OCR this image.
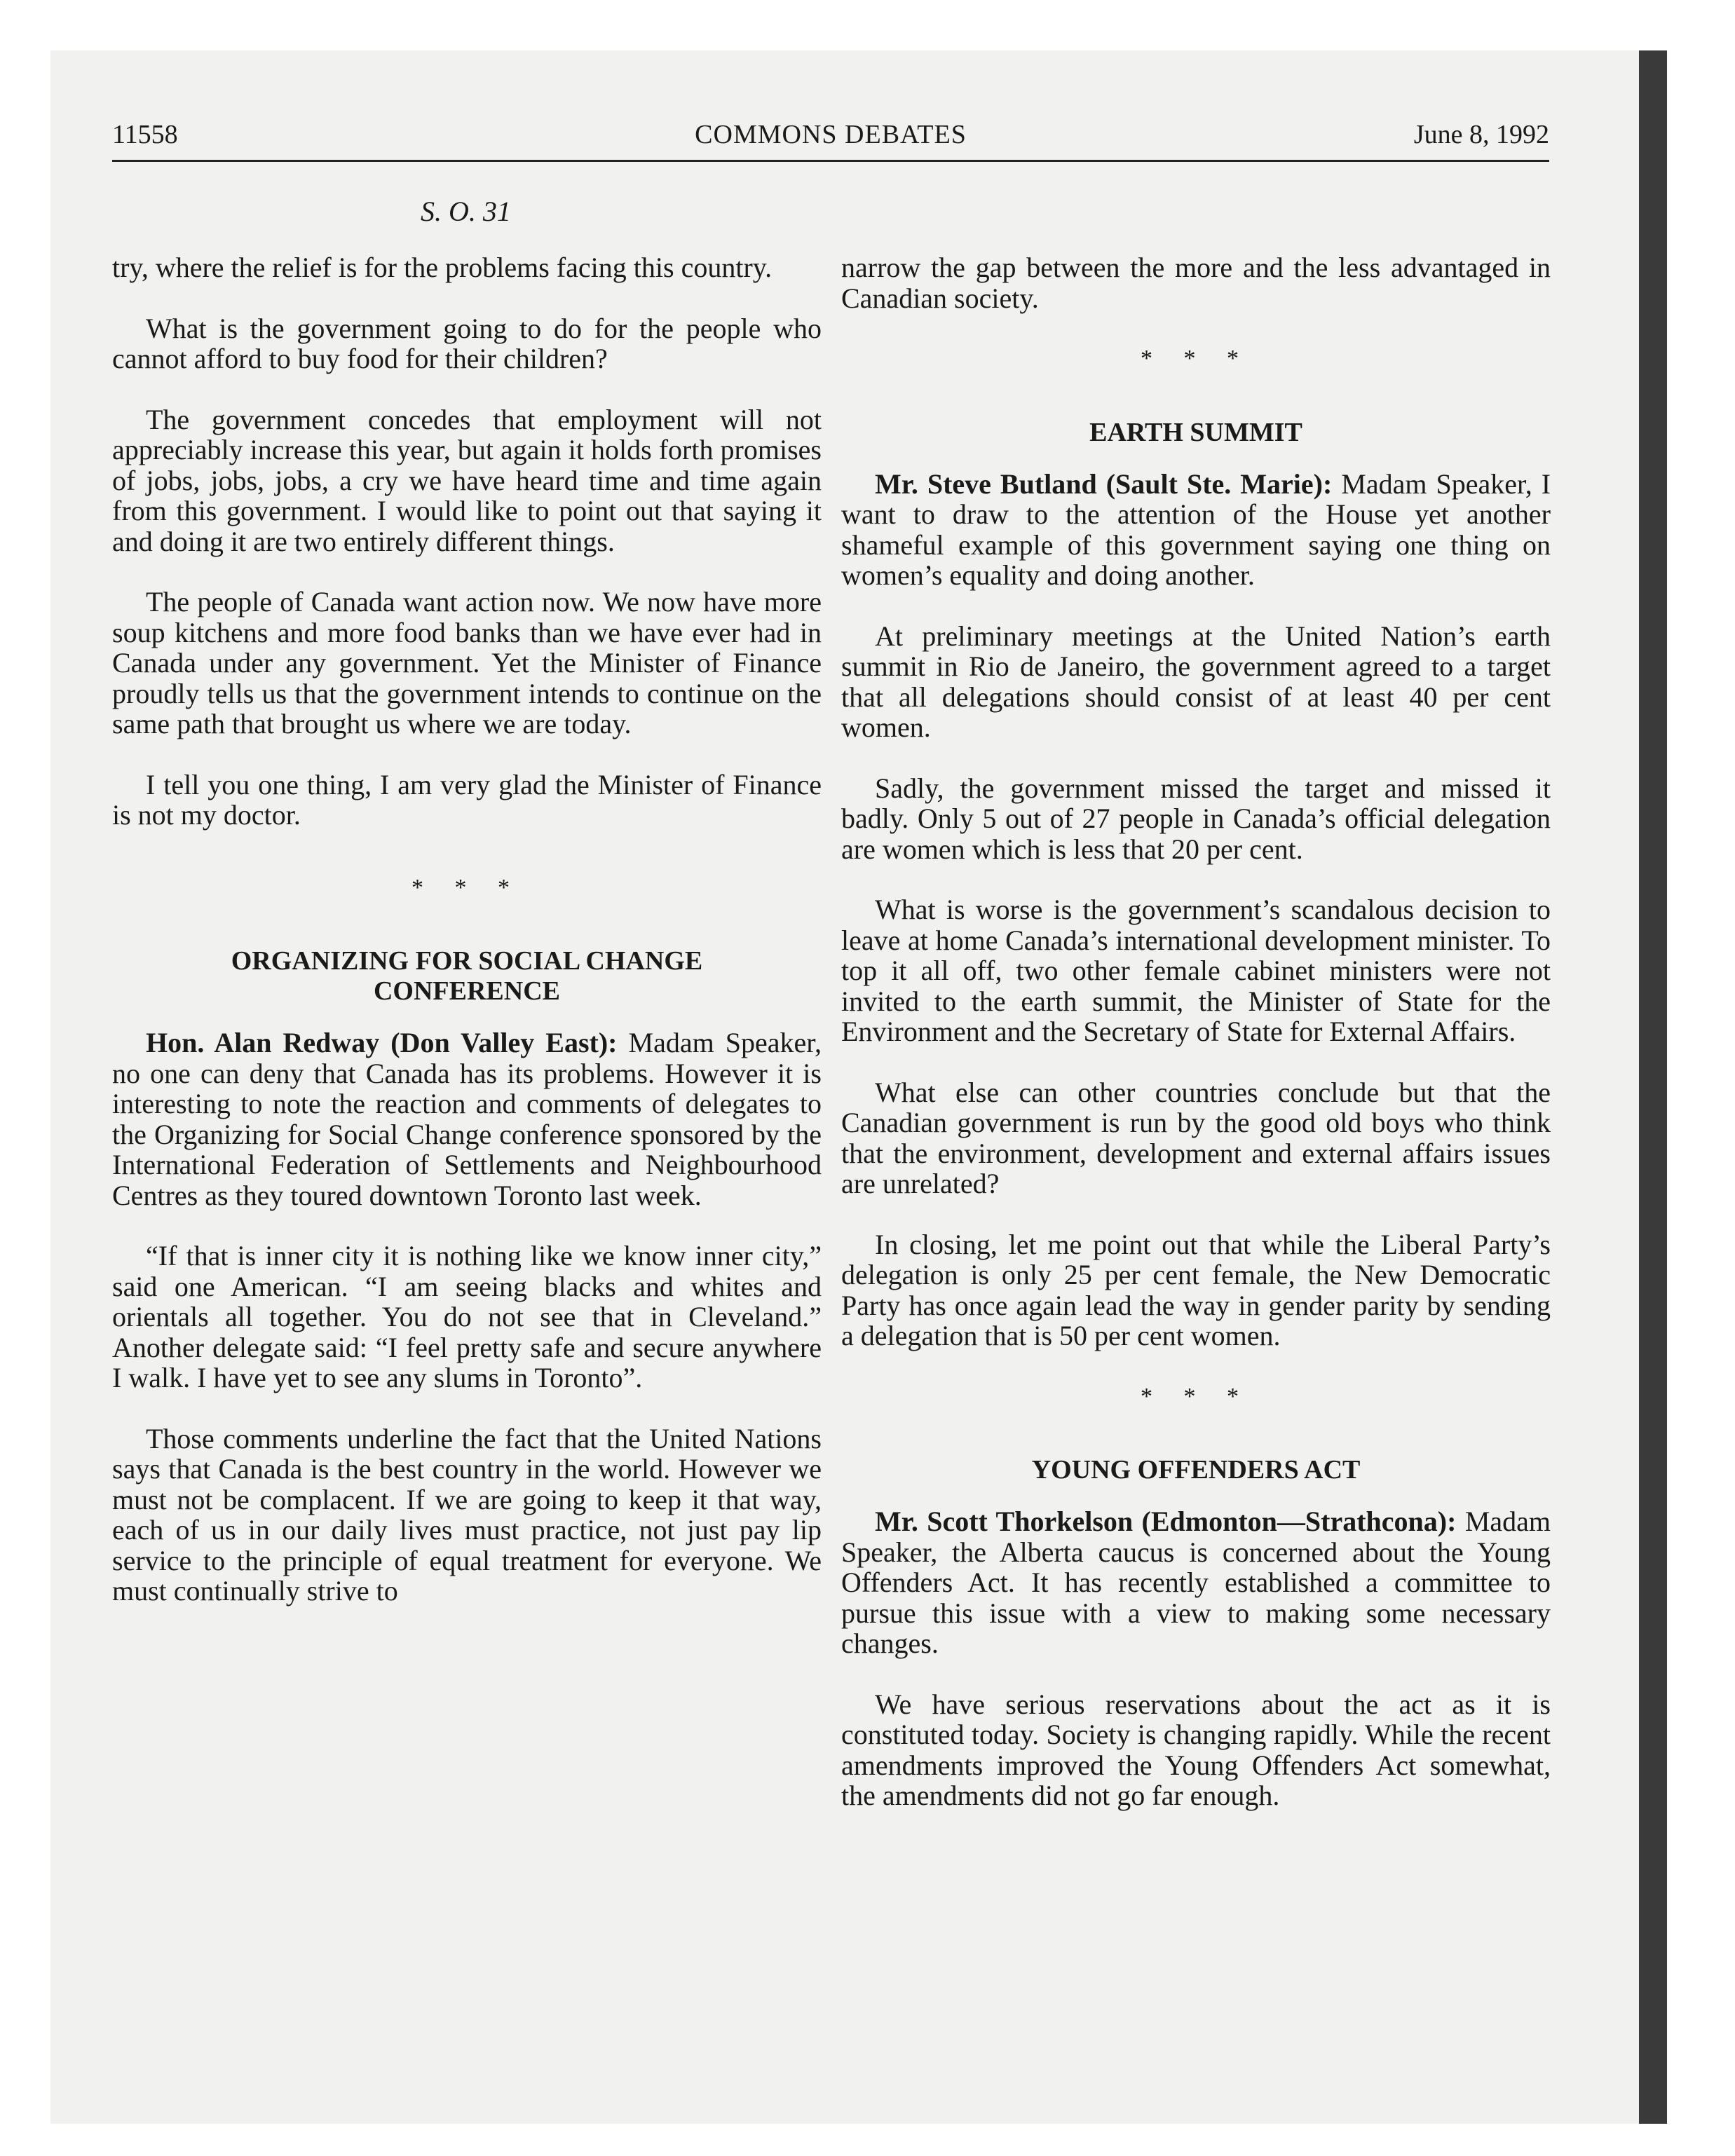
11558	COMMONS DEBATES	June 8, 1992
S. O. 31

try, where the relief is for the problems facing this country.

What is the government going to do for the people who cannot afford to buy food for their children?

The government concedes that employment will not appreciably increase this year, but again it holds forth promises of jobs, jobs, jobs, a cry we have heard time and time again from this government. I would like to point out that saying it and doing it are two entirely different things.

The people of Canada want action now. We now have more soup kitchens and more food banks than we have ever had in Canada under any government. Yet the Minister of Finance proudly tells us that the government intends to continue on the same path that brought us where we are today.

I tell you one thing, I am very glad the Minister of Finance is not my doctor.

* * *
ORGANIZING FOR SOCIAL CHANGE CONFERENCE

Hon. Alan Redway (Don Valley East): Madam Speaker, no one can deny that Canada has its problems. However it is interesting to note the reaction and comments of delegates to the Organizing for Social Change conference sponsored by the International Federation of Settlements and Neighbourhood Centres as they toured downtown Toronto last week.

“If that is inner city it is nothing like we know inner city,” said one American. “I am seeing blacks and whites and orientals all together. You do not see that in Cleveland.” Another delegate said: “I feel pretty safe and secure anywhere I walk. I have yet to see any slums in Toronto”.

Those comments underline the fact that the United Nations says that Canada is the best country in the world. However we must not be complacent. If we are going to keep it that way, each of us in our daily lives must practice, not just pay lip service to the principle of equal treatment for everyone. We must continually strive to

narrow the gap between the more and the less advantaged in Canadian society.

* * *
EARTH SUMMIT

Mr. Steve Butland (Sault Ste. Marie): Madam Speaker, I want to draw to the attention of the House yet another shameful example of this government saying one thing on women’s equality and doing another.

At preliminary meetings at the United Nation’s earth summit in Rio de Janeiro, the government agreed to a target that all delegations should consist of at least 40 per cent women.

Sadly, the government missed the target and missed it badly. Only 5 out of 27 people in Canada’s official delegation are women which is less that 20 per cent.

What is worse is the government’s scandalous decision to leave at home Canada’s international development minister. To top it all off, two other female cabinet ministers were not invited to the earth summit, the Minister of State for the Environment and the Secretary of State for External Affairs.

What else can other countries conclude but that the Canadian government is run by the good old boys who think that the environment, development and external affairs issues are unrelated?

In closing, let me point out that while the Liberal Party’s delegation is only 25 per cent female, the New Democratic Party has once again lead the way in gender parity by sending a delegation that is 50 per cent women.

* * *
YOUNG OFFENDERS ACT

Mr. Scott Thorkelson (Edmonton—Strathcona): Madam Speaker, the Alberta caucus is concerned about the Young Offenders Act. It has recently established a committee to pursue this issue with a view to making some necessary changes.

We have serious reservations about the act as it is constituted today. Society is changing rapidly. While the recent amendments improved the Young Offenders Act somewhat, the amendments did not go far enough.
